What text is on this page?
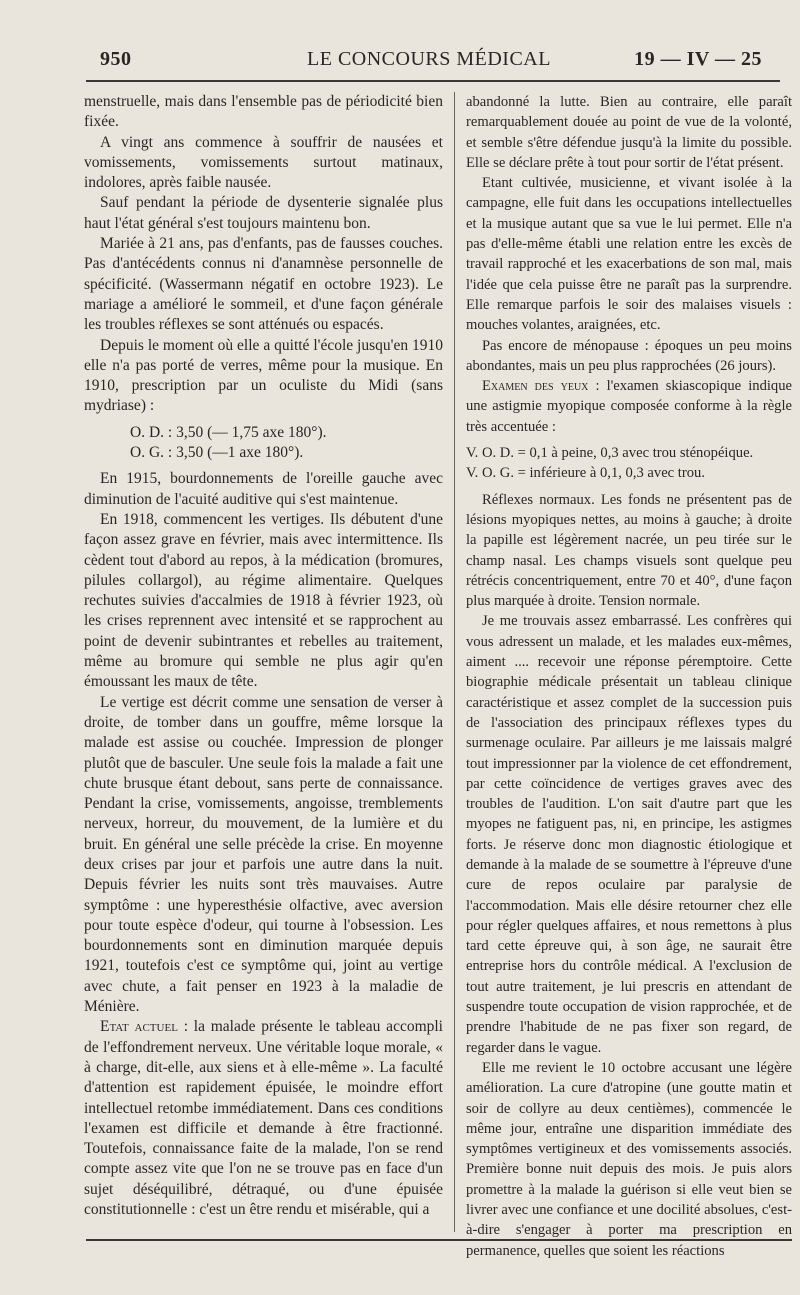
950	LE CONCOURS MÉDICAL	19 — IV — 25

menstruelle, mais dans l'ensemble pas de périodicité bien fixée.

A vingt ans commence à souffrir de nausées et vomissements, vomissements surtout matinaux, indolores, après faible nausée.

Sauf pendant la période de dysenterie signalée plus haut l'état général s'est toujours maintenu bon.

Mariée à 21 ans, pas d'enfants, pas de fausses couches. Pas d'antécédents connus ni d'anamnèse personnelle de spécificité. (Wassermann négatif en octobre 1923). Le mariage a amélioré le sommeil, et d'une façon générale les troubles réflexes se sont atténués ou espacés.

Depuis le moment où elle a quitté l'école jusqu'en 1910 elle n'a pas porté de verres, même pour la musique. En 1910, prescription par un oculiste du Midi (sans mydriase) :

O. D. : 3,50 (— 1,75 axe 180°).

O. G. : 3,50 (—1 axe 180°).

En 1915, bourdonnements de l'oreille gauche avec diminution de l'acuité auditive qui s'est maintenue.

En 1918, commencent les vertiges. Ils débutent d'une façon assez grave en février, mais avec intermittence. Ils cèdent tout d'abord au repos, à la médication (bromures, pilules collargol), au régime alimentaire. Quelques rechutes suivies d'accalmies de 1918 à février 1923, où les crises reprennent avec intensité et se rapprochent au point de devenir subintrantes et rebelles au traitement, même au bromure qui semble ne plus agir qu'en émoussant les maux de tête.

Le vertige est décrit comme une sensation de verser à droite, de tomber dans un gouffre, même lorsque la malade est assise ou couchée. Impression de plonger plutôt que de basculer. Une seule fois la malade a fait une chute brusque étant debout, sans perte de connaissance. Pendant la crise, vomissements, angoisse, tremblements nerveux, horreur, du mouvement, de la lumière et du bruit. En général une selle précède la crise. En moyenne deux crises par jour et parfois une autre dans la nuit. Depuis février les nuits sont très mauvaises. Autre symptôme : une hyperesthésie olfactive, avec aversion pour toute espèce d'odeur, qui tourne à l'obsession. Les bourdonnements sont en diminution marquée depuis 1921, toutefois c'est ce symptôme qui, joint au vertige avec chute, a fait penser en 1923 à la maladie de Ménière.

Etat actuel : la malade présente le tableau accompli de l'effondrement nerveux. Une véritable loque morale, « à charge, dit-elle, aux siens et à elle-même ». La faculté d'attention est rapidement épuisée, le moindre effort intellectuel retombe immédiatement. Dans ces conditions l'examen est difficile et demande à être fractionné. Toutefois, connaissance faite de la malade, l'on se rend compte assez vite que l'on ne se trouve pas en face d'un sujet déséquilibré, détraqué, ou d'une épuisée constitutionnelle : c'est un être rendu et misérable, qui a

abandonné la lutte. Bien au contraire, elle paraît remarquablement douée au point de vue de la volonté, et semble s'être défendue jusqu'à la limite du possible. Elle se déclare prête à tout pour sortir de l'état présent.

Etant cultivée, musicienne, et vivant isolée à la campagne, elle fuit dans les occupations intellectuelles et la musique autant que sa vue le lui permet. Elle n'a pas d'elle-même établi une relation entre les excès de travail rapproché et les exacerbations de son mal, mais l'idée que cela puisse être ne paraît pas la surprendre. Elle remarque parfois le soir des malaises visuels : mouches volantes, araignées, etc.

Pas encore de ménopause : époques un peu moins abondantes, mais un peu plus rapprochées (26 jours).

Examen des yeux : l'examen skiascopique indique une astigmie myopique composée conforme à la règle très accentuée :

V. O. D. = 0,1 à peine, 0,3 avec trou sténopéique.

V. O. G. = inférieure à 0,1, 0,3 avec trou.

Réflexes normaux. Les fonds ne présentent pas de lésions myopiques nettes, au moins à gauche; à droite la papille est légèrement nacrée, un peu tirée sur le champ nasal. Les champs visuels sont quelque peu rétrécis concentriquement, entre 70 et 40°, d'une façon plus marquée à droite. Tension normale.

Je me trouvais assez embarrassé. Les confrères qui vous adressent un malade, et les malades eux-mêmes, aiment .... recevoir une réponse péremptoire. Cette biographie médicale présentait un tableau clinique caractéristique et assez complet de la succession puis de l'association des principaux réflexes types du surmenage oculaire. Par ailleurs je me laissais malgré tout impressionner par la violence de cet effondrement, par cette coïncidence de vertiges graves avec des troubles de l'audition. L'on sait d'autre part que les myopes ne fatiguent pas, ni, en principe, les astigmes forts. Je réserve donc mon diagnostic étiologique et demande à la malade de se soumettre à l'épreuve d'une cure de repos oculaire par paralysie de l'accommodation. Mais elle désire retourner chez elle pour régler quelques affaires, et nous remettons à plus tard cette épreuve qui, à son âge, ne saurait être entreprise hors du contrôle médical. A l'exclusion de tout autre traitement, je lui prescris en attendant de suspendre toute occupation de vision rapprochée, et de prendre l'habitude de ne pas fixer son regard, de regarder dans le vague.

Elle me revient le 10 octobre accusant une légère amélioration. La cure d'atropine (une goutte matin et soir de collyre au deux centièmes), commencée le même jour, entraîne une disparition immédiate des symptômes vertigineux et des vomissements associés. Première bonne nuit depuis des mois. Je puis alors promettre à la malade la guérison si elle veut bien se livrer avec une confiance et une docilité absolues, c'est-à-dire s'engager à porter ma prescription en permanence, quelles que soient les réactions
